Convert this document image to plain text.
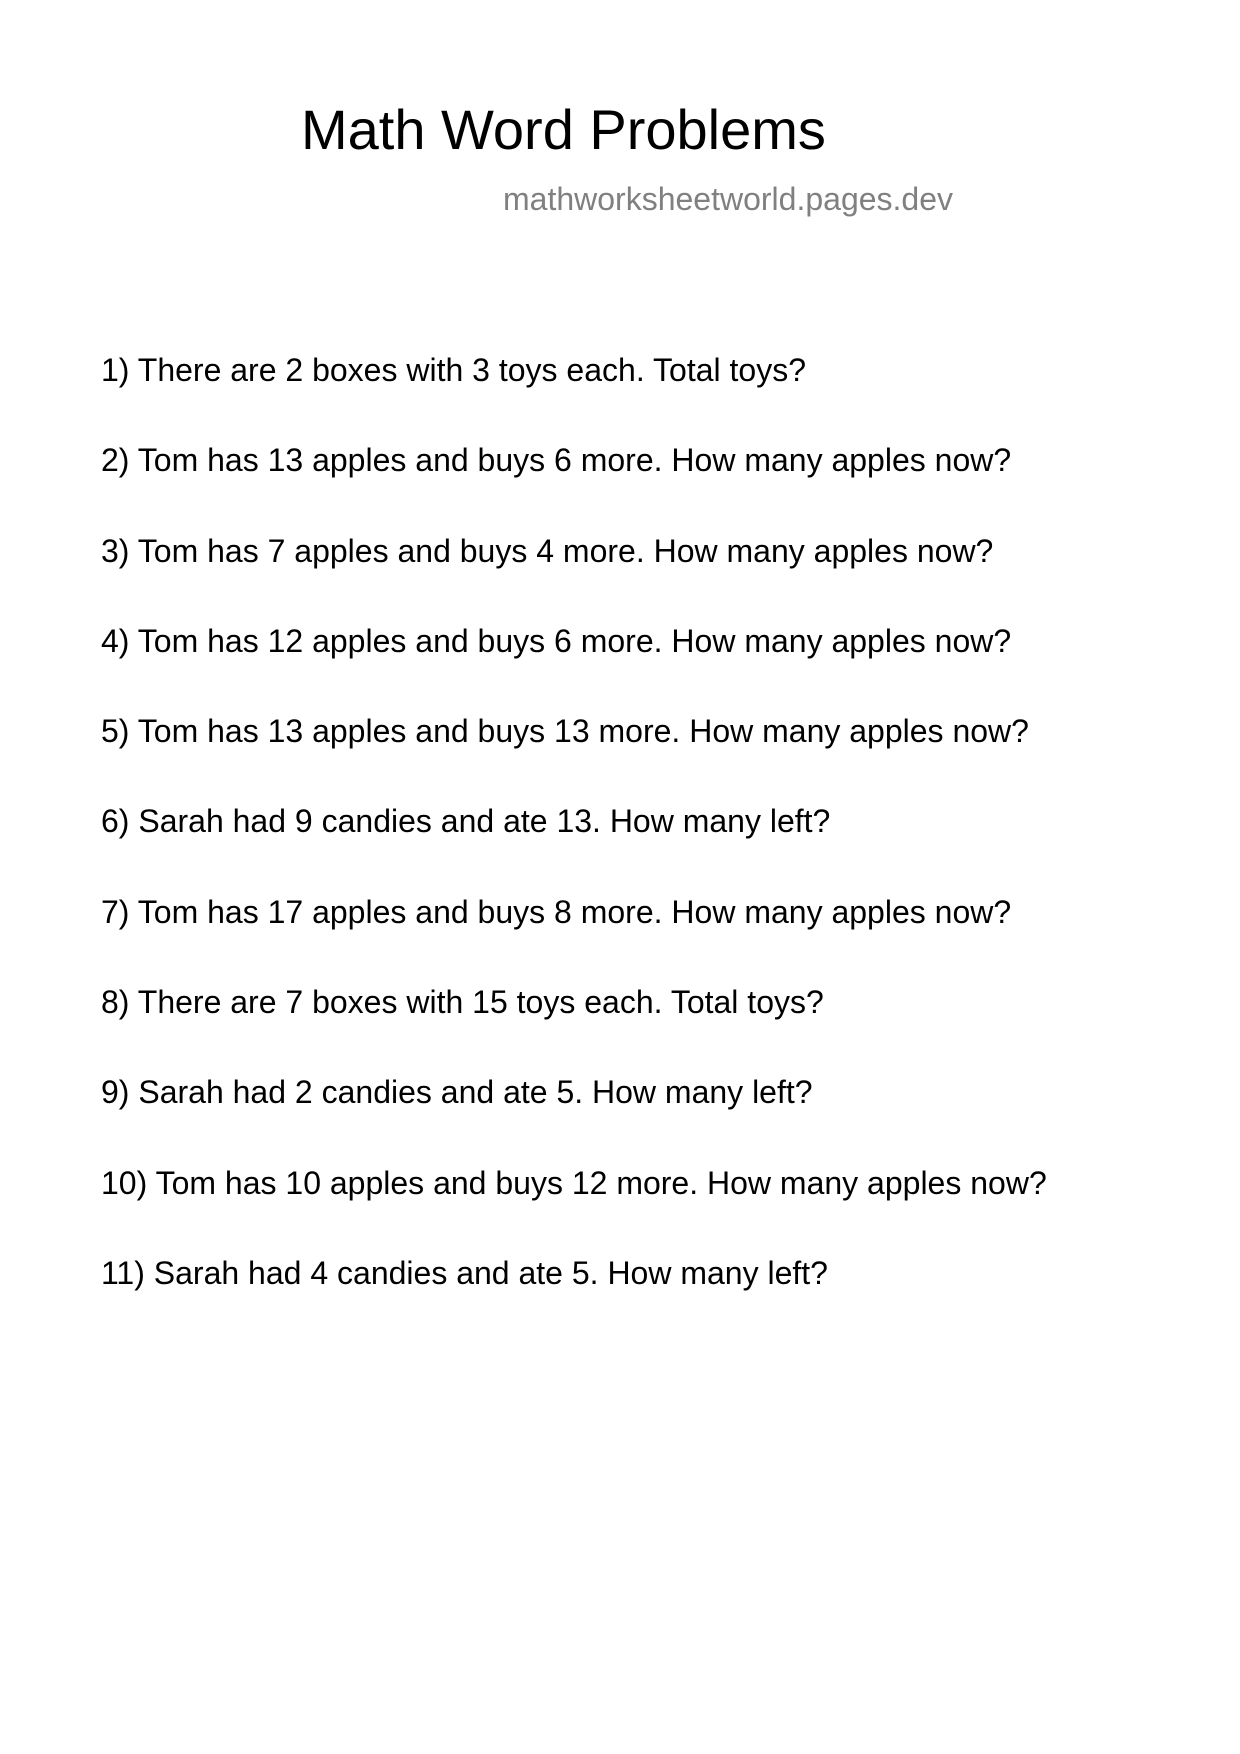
Math Word Problems
mathworksheetworld.pages.dev
1) There are 2 boxes with 3 toys each. Total toys?
2) Tom has 13 apples and buys 6 more. How many apples now?
3) Tom has 7 apples and buys 4 more. How many apples now?
4) Tom has 12 apples and buys 6 more. How many apples now?
5) Tom has 13 apples and buys 13 more. How many apples now?
6) Sarah had 9 candies and ate 13. How many left?
7) Tom has 17 apples and buys 8 more. How many apples now?
8) There are 7 boxes with 15 toys each. Total toys?
9) Sarah had 2 candies and ate 5. How many left?
10) Tom has 10 apples and buys 12 more. How many apples now?
11) Sarah had 4 candies and ate 5. How many left?
